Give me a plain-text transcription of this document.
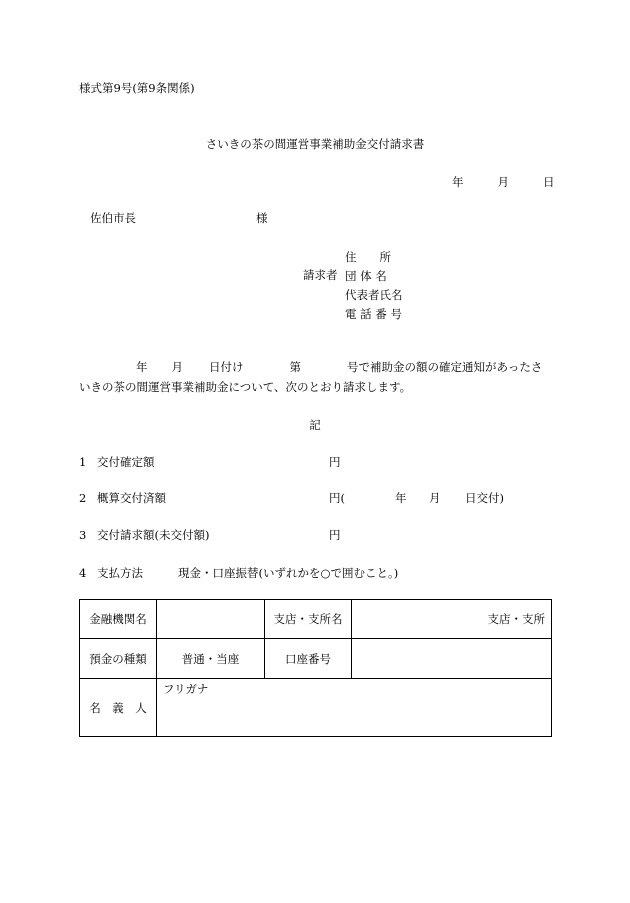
様式第9号(第9条関係)
さいきの茶の間運営事業補助金交付請求書
年	月	日
佐伯市長	様
請求者
住　　所
団 体 名
代表者氏名
電 話 番 号
年 月 日付け	第	号で補助金の額の確定通知があったさ
いきの茶の間運営事業補助金について、次のとおり請求します。
記
1 交付確定額	円
2 概算交付済額	円(	年 月 日交付)
3 交付請求額(未交付額)	円
4 支払方法	現金・口座振替(いずれかを○で囲むこと。)
金融機関名		支店・支所名	支店・支所
預金の種類	普通・当座	口座番号	
名　義　人	フリガナ		
